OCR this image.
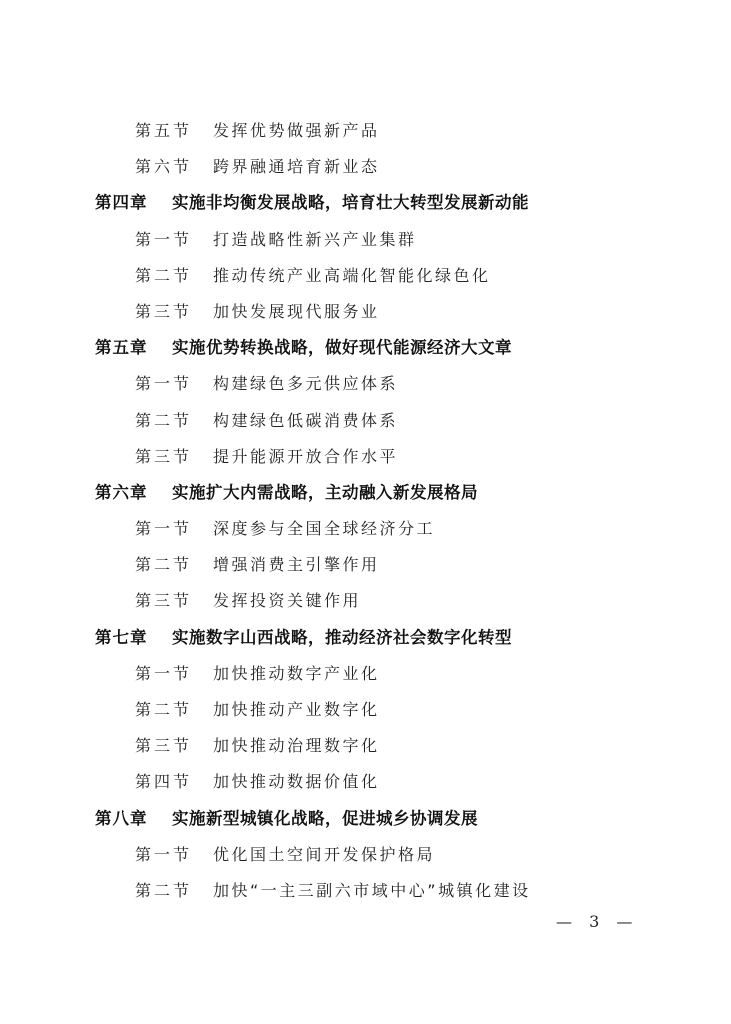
第五节 发挥优势做强新产品
第六节 跨界融通培育新业态
第四章 实施非均衡发展战略，培育壮大转型发展新动能
第一节 打造战略性新兴产业集群
第二节 推动传统产业高端化智能化绿色化
第三节 加快发展现代服务业
第五章 实施优势转换战略，做好现代能源经济大文章
第一节 构建绿色多元供应体系
第二节 构建绿色低碳消费体系
第三节 提升能源开放合作水平
第六章 实施扩大内需战略，主动融入新发展格局
第一节 深度参与全国全球经济分工
第二节 增强消费主引擎作用
第三节 发挥投资关键作用
第七章 实施数字山西战略，推动经济社会数字化转型
第一节 加快推动数字产业化
第二节 加快推动产业数字化
第三节 加快推动治理数字化
第四节 加快推动数据价值化
第八章 实施新型城镇化战略，促进城乡协调发展
第一节 优化国土空间开发保护格局
第二节 加快“一主三副六市域中心”城镇化建设
— 3 —
